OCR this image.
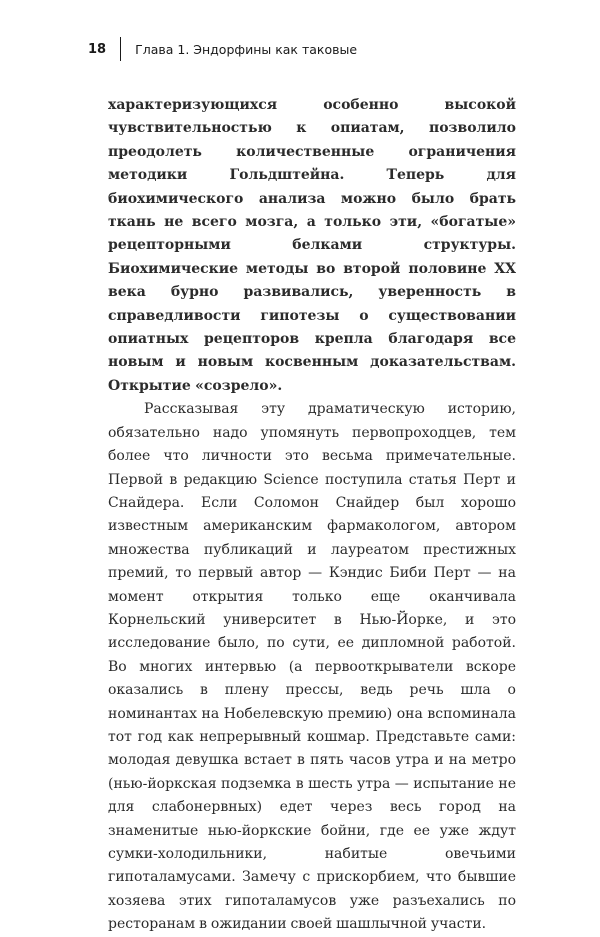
18 Глава 1. Эндорфины как таковые

характеризующихся особенно высокой чувствительностью к опиатам, позволило преодолеть количественные ограничения методики Гольдштейна. Теперь для биохимического анализа можно было брать ткань не всего мозга, а только эти, «богатые» рецепторными белками структуры. Биохимические методы во второй половине XX века бурно развивались, уверенность в справедливости гипотезы о существовании опиатных рецепторов крепла благодаря все новым и новым косвенным доказательствам. Открытие «созрело».

Рассказывая эту драматическую историю, обязательно надо упомянуть первопроходцев, тем более что личности это весьма примечательные. Первой в редакцию Science поступила статья Перт и Снайдера. Если Соломон Снайдер был хорошо известным американским фармакологом, автором множества публикаций и лауреатом престижных премий, то первый автор — Кэндис Биби Перт — на момент открытия только еще оканчивала Корнельский университет в Нью-Йорке, и это исследование было, по сути, ее дипломной работой. Во многих интервью (а первооткрыватели вскоре оказались в плену прессы, ведь речь шла о номинантах на Нобелевскую премию) она вспоминала тот год как непрерывный кошмар. Представьте сами: молодая девушка встает в пять часов утра и на метро (нью-йоркская подземка в шесть утра — испытание не для слабонервных) едет через весь город на знаменитые нью-йоркские бойни, где ее уже ждут сумки-холодильники, набитые овечьими гипоталамусами. Замечу с прискорбием, что бывшие хозяева этих гипоталамусов уже разъехались по ресторанам в ожидании своей шашлычной участи.
